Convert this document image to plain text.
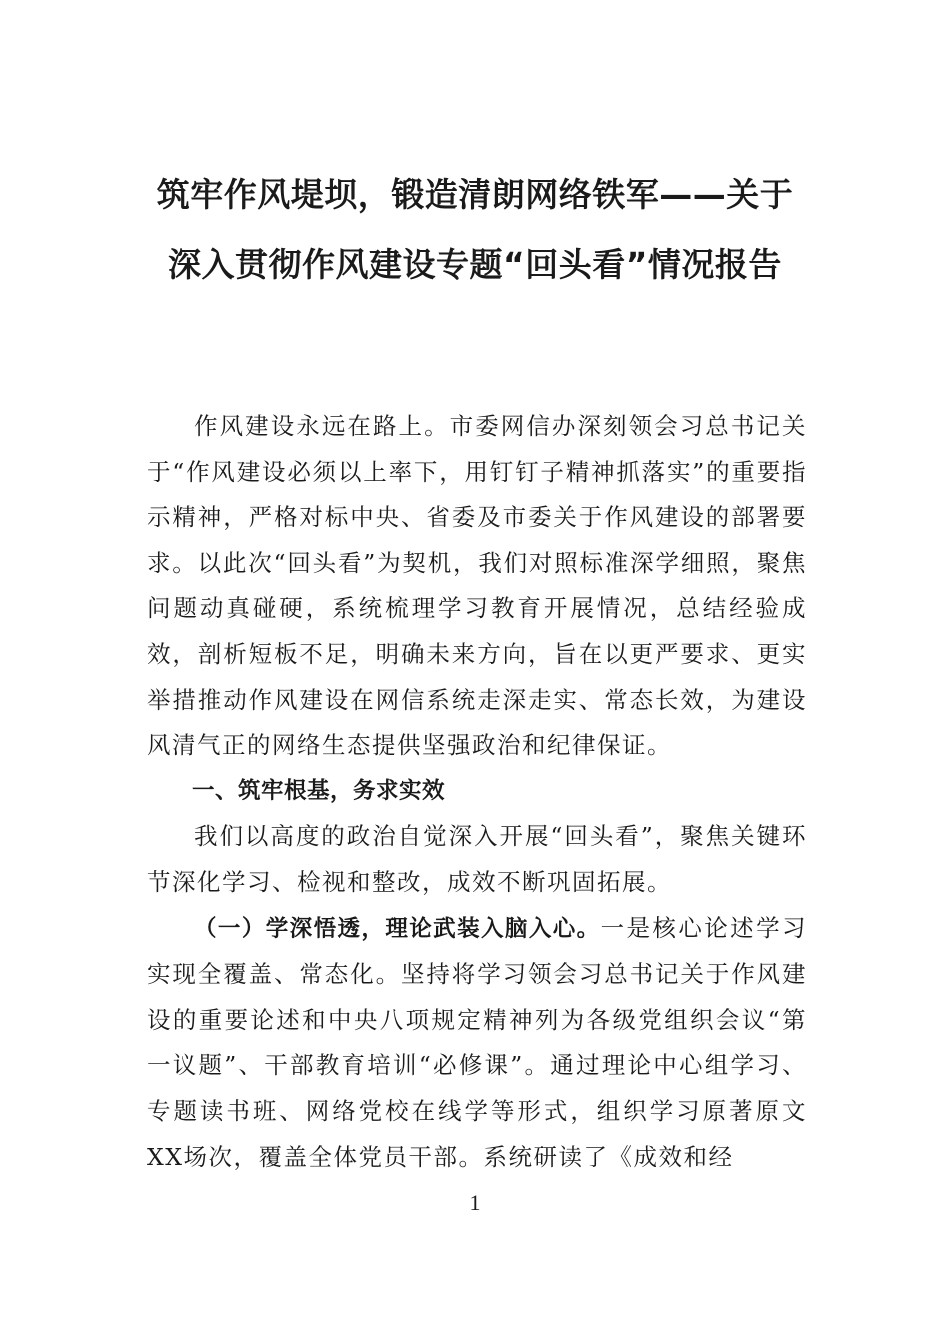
筑牢作风堤坝，锻造清朗网络铁军——关于深入贯彻作风建设专题“回头看”情况报告

作风建设永远在路上。市委网信办深刻领会习总书记关于“作风建设必须以上率下，用钉钉子精神抓落实”的重要指示精神，严格对标中央、省委及市委关于作风建设的部署要求。以此次“回头看”为契机，我们对照标准深学细照，聚焦问题动真碰硬，系统梳理学习教育开展情况，总结经验成效，剖析短板不足，明确未来方向，旨在以更严要求、更实举措推动作风建设在网信系统走深走实、常态长效，为建设风清气正的网络生态提供坚强政治和纪律保证。

一、筑牢根基，务求实效

我们以高度的政治自觉深入开展“回头看”，聚焦关键环节深化学习、检视和整改，成效不断巩固拓展。

（一）学深悟透，理论武装入脑入心。一是核心论述学习实现全覆盖、常态化。坚持将学习领会习总书记关于作风建设的重要论述和中央八项规定精神列为各级党组织会议“第一议题”、干部教育培训“必修课”。通过理论中心组学习、专题读书班、网络党校在线学等形式，组织学习原著原文XX场次，覆盖全体党员干部。系统研读了《成效和经

1
